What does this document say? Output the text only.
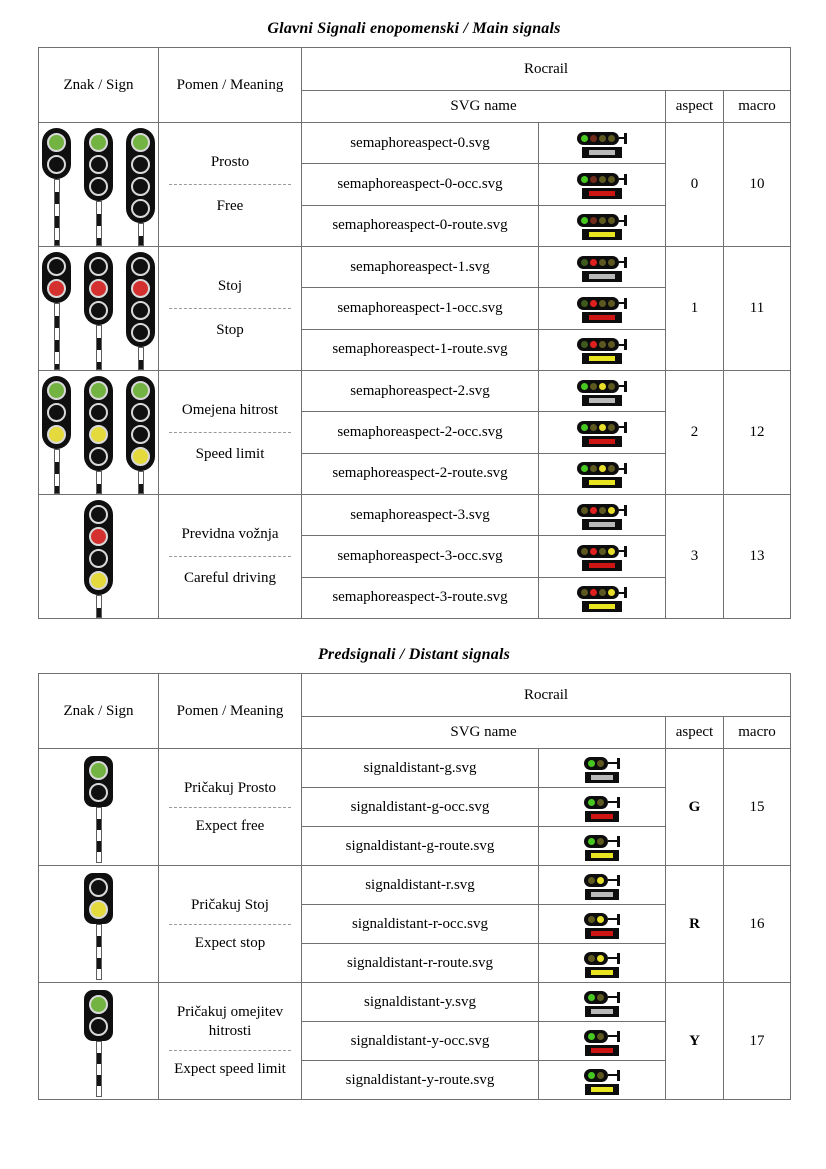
Glavni Signali enopomenski / Main signals
Znak / Sign	Pomen / Meaning	Rocrail			
		SVG name		aspect	macro

	Prosto
Free	semaphoreaspect-0.svg		0	10
		semaphoreaspect-0-occ.svg			

		semaphoreaspect-0-route.svg			

	Stoj
Stop	semaphoreaspect-1.svg		1	11
		semaphoreaspect-1-occ.svg			

		semaphoreaspect-1-route.svg			

	Omejena hitrost
Speed limit	semaphoreaspect-2.svg		2	12
		semaphoreaspect-2-occ.svg			

		semaphoreaspect-2-route.svg			

	Previdna vožnja
Careful driving	semaphoreaspect-3.svg		3	13
		semaphoreaspect-3-occ.svg			

		semaphoreaspect-3-route.svg			
Predsignali / Distant signals
Znak / Sign	Pomen / Meaning	Rocrail			
		SVG name		aspect	macro

	Pričakuj Prosto
Expect free	signaldistant-g.svg		G	15
		signaldistant-g-occ.svg			

		signaldistant-g-route.svg			

	Pričakuj Stoj
Expect stop	signaldistant-r.svg		R	16
		signaldistant-r-occ.svg			

		signaldistant-r-route.svg			

	Pričakuj omejitev hitrosti
Expect speed limit	signaldistant-y.svg		Y	17
		signaldistant-y-occ.svg			

		signaldistant-y-route.svg			
